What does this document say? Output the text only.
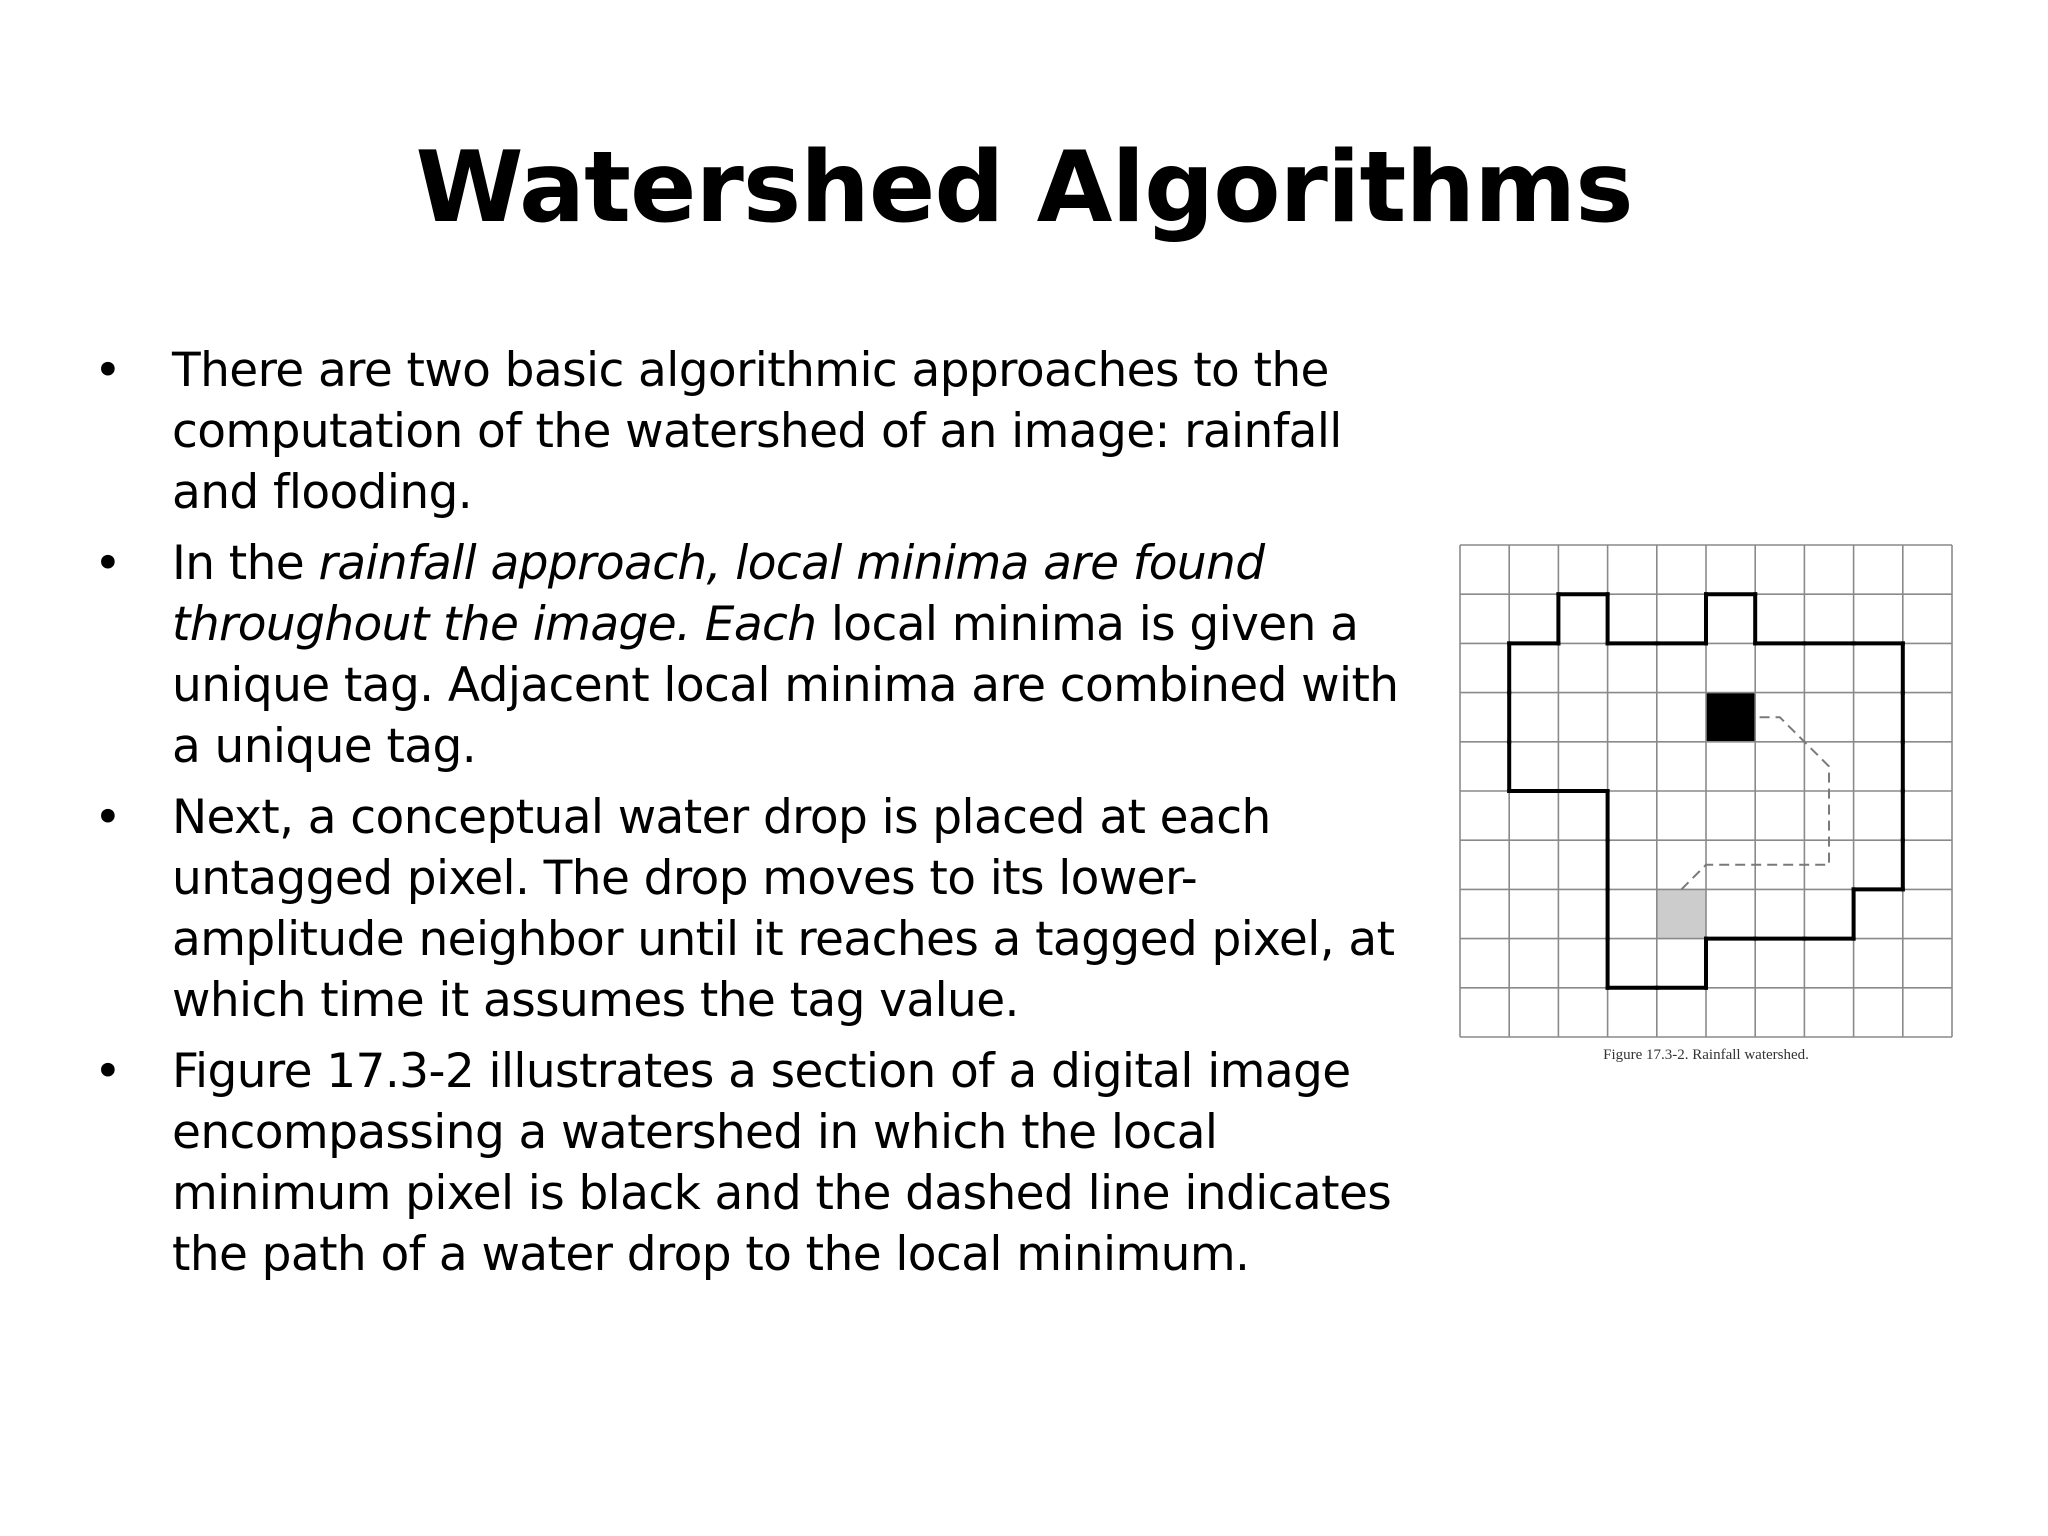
Watershed Algorithms
• There are two basic algorithmic approaches to the computation of the watershed of an image: rainfall and flooding.
• In the rainfall approach, local minima are found throughout the image. Each local minima is given a unique tag. Adjacent local minima are combined with a unique tag.
• Next, a conceptual water drop is placed at each untagged pixel. The drop moves to its lower-amplitude neighbor until it reaches a tagged pixel, at which time it assumes the tag value.
• Figure 17.3-2 illustrates a section of a digital image encompassing a watershed in which the local minimum pixel is black and the dashed line indicates the path of a water drop to the local minimum.
Figure 17.3-2. Rainfall watershed.
